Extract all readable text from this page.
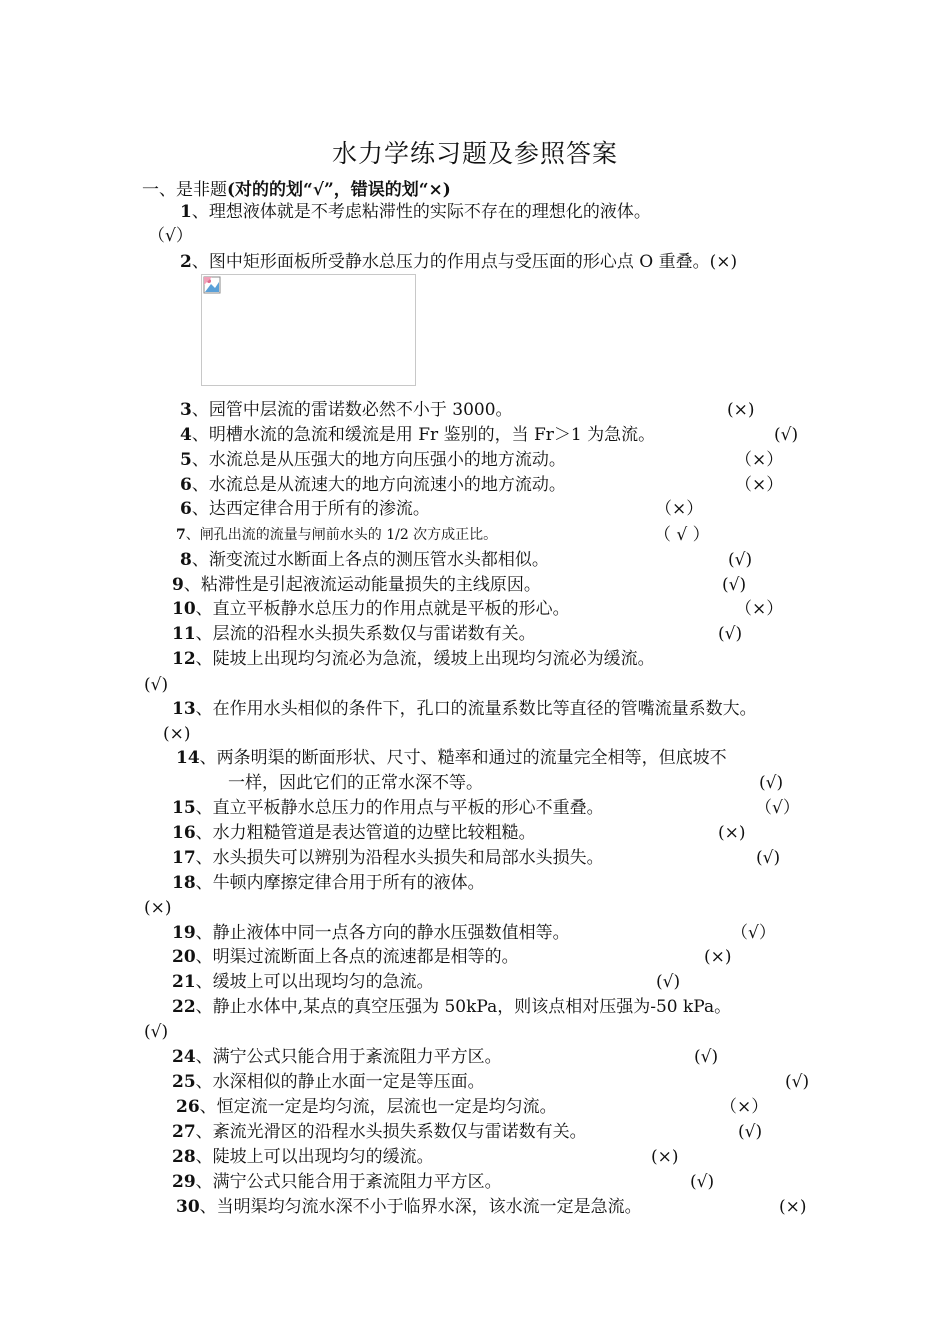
水力学练习题及参照答案
一、是非题(对的的划“√”，错误的划“×)
1、理想液体就是不考虑粘滞性的实际不存在的理想化的液体。
（√）
2、图中矩形面板所受静水总压力的作用点与受压面的形心点 O 重叠。(×)
3、园管中层流的雷诺数必然不小于 3000。	(×)
4、明槽水流的急流和缓流是用 Fr 鉴别的，当 Fr＞1 为急流。	(√)
5、水流总是从压强大的地方向压强小的地方流动。	（×）
6、水流总是从流速大的地方向流速小的地方流动。	（×）
6、达西定律合用于所有的渗流。	（×）
7、闸孔出流的流量与闸前水头的 1/2 次方成正比。	（ √ ）
8、渐变流过水断面上各点的测压管水头都相似。	(√)
9、粘滞性是引起液流运动能量损失的主线原因。	(√)
10、直立平板静水总压力的作用点就是平板的形心。	（×）
11、层流的沿程水头损失系数仅与雷诺数有关。	(√)
12、陡坡上出现均匀流必为急流，缓坡上出现均匀流必为缓流。
(√)
13、在作用水头相似的条件下，孔口的流量系数比等直径的管嘴流量系数大。
(×)
14、两条明渠的断面形状、尺寸、糙率和通过的流量完全相等，但底坡不
一样，因此它们的正常水深不等。	(√)
15、直立平板静水总压力的作用点与平板的形心不重叠。	（√）
16、水力粗糙管道是表达管道的边壁比较粗糙。	(×)
17、水头损失可以辨别为沿程水头损失和局部水头损失。	(√)
18、牛顿内摩擦定律合用于所有的液体。
(×)
19、静止液体中同一点各方向的静水压强数值相等。	（√）
20、明渠过流断面上各点的流速都是相等的。	(×)
21、缓坡上可以出现均匀的急流。	(√)
22、静止水体中,某点的真空压强为 50kPa，则该点相对压强为-50 kPa。
(√)
24、满宁公式只能合用于紊流阻力平方区。	(√)
25、水深相似的静止水面一定是等压面。	(√)
26、恒定流一定是均匀流，层流也一定是均匀流。	（×）
27、紊流光滑区的沿程水头损失系数仅与雷诺数有关。	(√)
28、陡坡上可以出现均匀的缓流。	(×)
29、满宁公式只能合用于紊流阻力平方区。	(√)
30、当明渠均匀流水深不小于临界水深，该水流一定是急流。	(×)
